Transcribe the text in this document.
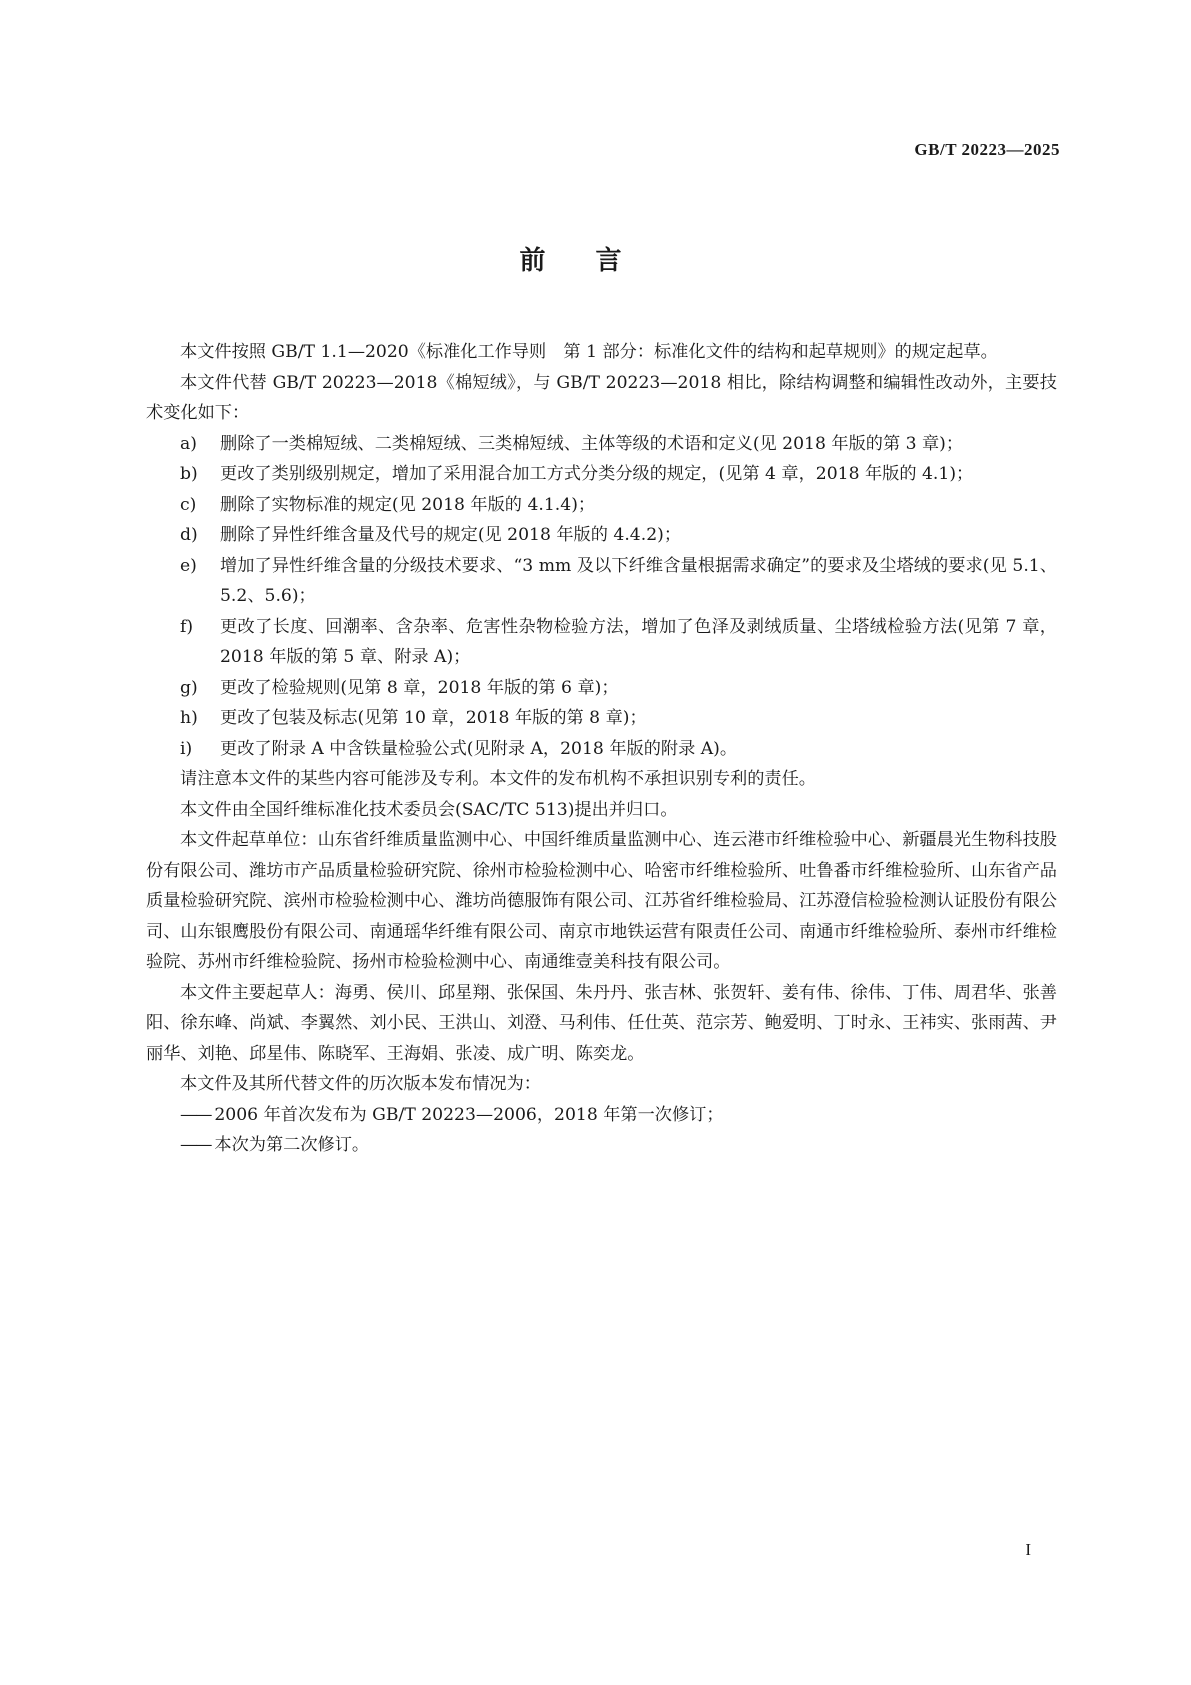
GB/T 20223—2025
前言

本文件按照 GB/T 1.1—2020《标准化工作导则　第 1 部分：标准化文件的结构和起草规则》的规定起草。

本文件代替 GB/T 20223—2018《棉短绒》，与 GB/T 20223—2018 相比，除结构调整和编辑性改动外，主要技术变化如下：

a)	删除了一类棉短绒、二类棉短绒、三类棉短绒、主体等级的术语和定义(见 2018 年版的第 3 章)；
b)	更改了类别级别规定，增加了采用混合加工方式分类分级的规定，(见第 4 章，2018 年版的 4.1)；
c)	删除了实物标准的规定(见 2018 年版的 4.1.4)；
d)	删除了异性纤维含量及代号的规定(见 2018 年版的 4.4.2)；
e)	增加了异性纤维含量的分级技术要求、“3 mm 及以下纤维含量根据需求确定”的要求及尘塔绒的要求(见 5.1、5.2、5.6)；
f)	更改了长度、回潮率、含杂率、危害性杂物检验方法，增加了色泽及剥绒质量、尘塔绒检验方法(见第 7 章，2018 年版的第 5 章、附录 A)；
g)	更改了检验规则(见第 8 章，2018 年版的第 6 章)；
h)	更改了包装及标志(见第 10 章，2018 年版的第 8 章)；
i)	更改了附录 A 中含铁量检验公式(见附录 A，2018 年版的附录 A)。

请注意本文件的某些内容可能涉及专利。本文件的发布机构不承担识别专利的责任。

本文件由全国纤维标准化技术委员会(SAC/TC 513)提出并归口。

本文件起草单位：山东省纤维质量监测中心、中国纤维质量监测中心、连云港市纤维检验中心、新疆晨光生物科技股份有限公司、潍坊市产品质量检验研究院、徐州市检验检测中心、哈密市纤维检验所、吐鲁番市纤维检验所、山东省产品质量检验研究院、滨州市检验检测中心、潍坊尚德服饰有限公司、江苏省纤维检验局、江苏澄信检验检测认证股份有限公司、山东银鹰股份有限公司、南通瑶华纤维有限公司、南京市地铁运营有限责任公司、南通市纤维检验所、泰州市纤维检验院、苏州市纤维检验院、扬州市检验检测中心、南通维壹美科技有限公司。

本文件主要起草人：海勇、侯川、邱星翔、张保国、朱丹丹、张吉林、张贺轩、姜有伟、徐伟、丁伟、周君华、张善阳、徐东峰、尚斌、李翼然、刘小民、王洪山、刘澄、马利伟、任仕英、范宗芳、鲍爱明、丁时永、王袆实、张雨茜、尹丽华、刘艳、邱星伟、陈晓军、王海娟、张凌、成广明、陈奕龙。

本文件及其所代替文件的历次版本发布情况为：

—— 2006 年首次发布为 GB/T 20223—2006，2018 年第一次修订；
—— 本次为第二次修订。
I
